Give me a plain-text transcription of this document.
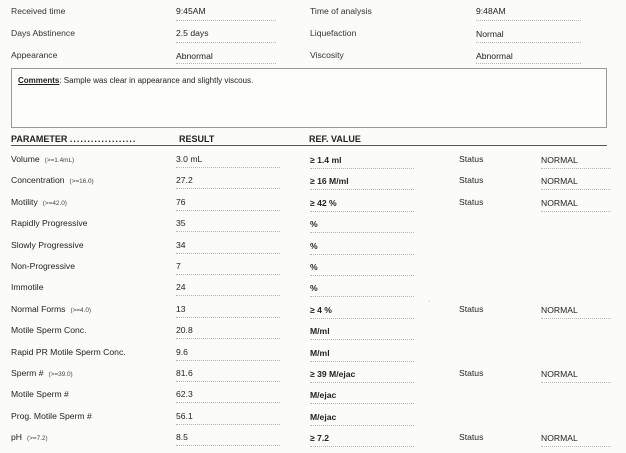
Received time	9:45AM	Time of analysis	9:48AM
Days Abstinence	2.5 days	Liquefaction	Normal
Appearance	Abnormal	Viscosity	Abnormal
Comments: Sample was clear in appearance and slightly viscous.
PARAMETER ...................	RESULT	REF. VALUE
Volume (>=1.4mL)	3.0 mL	≥ 1.4 ml	Status	NORMAL
Concentration (>=16.0)	27.2	≥ 16 M/ml	Status	NORMAL
Motility (>=42.0)	76	≥ 42 %	Status	NORMAL
Rapidly Progressive	35	%
Slowly Progressive	34	%
Non-Progressive	7	%
Immotile	24	%
Normal Forms (>=4.0)	13	≥ 4 %	Status	NORMAL
Motile Sperm Conc.	20.8	M/ml
Rapid PR Motile Sperm Conc.	9.6	M/ml
Sperm # (>=39.0)	81.6	≥ 39 M/ejac	Status	NORMAL
Motile Sperm #	62.3	M/ejac
Prog. Motile Sperm #	56.1	M/ejac
pH (>=7.2)	8.5	≥ 7.2	Status	NORMAL
·
